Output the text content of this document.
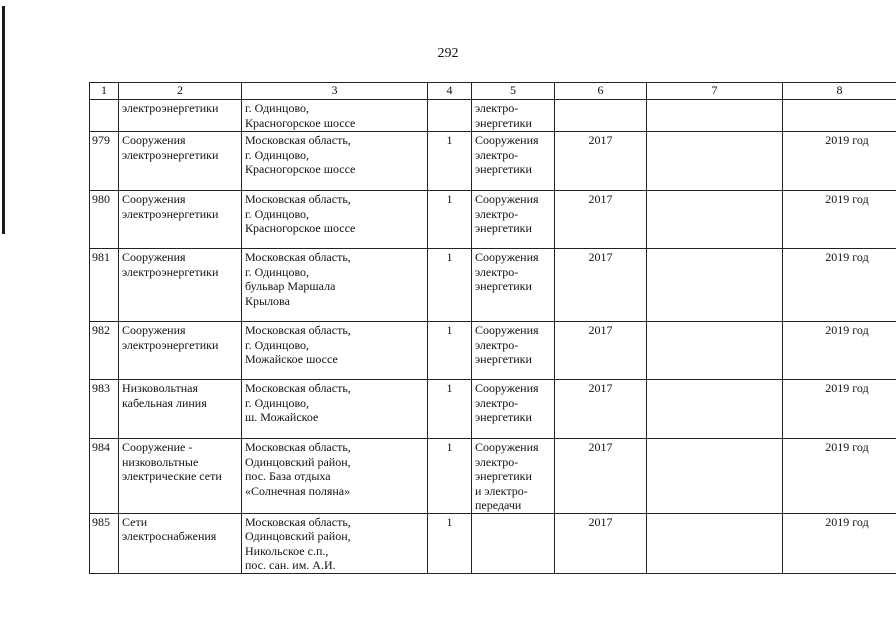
292
1	2	3	4	5	6	7	8
	электроэнергетики	г. Одинцово,
Красногорское шоссе		электро-
энергетики			
979	Сооружения
электроэнергетики	Московская область,
г. Одинцово,
Красногорское шоссе	1	Сооружения
электро-
энергетики	2017		2019 год
980	Сооружения
электроэнергетики	Московская область,
г. Одинцово,
Красногорское шоссе	1	Сооружения
электро-
энергетики	2017		2019 год
981	Сооружения
электроэнергетики	Московская область,
г. Одинцово,
бульвар Маршала
Крылова	1	Сооружения
электро-
энергетики	2017		2019 год
982	Сооружения
электроэнергетики	Московская область,
г. Одинцово,
Можайское шоссе	1	Сооружения
электро-
энергетики	2017		2019 год
983	Низковольтная
кабельная линия	Московская область,
г. Одинцово,
ш. Можайское	1	Сооружения
электро-
энергетики	2017		2019 год
984	Сооружение -
низковольтные
электрические сети	Московская область,
Одинцовский район,
пос. База отдыха
«Солнечная поляна»	1	Сооружения
электро-
энергетики
и электро-
передачи	2017		2019 год
985	Сети
электроснабжения	Московская область,
Одинцовский район,
Никольское с.п.,
пос. сан. им. А.И.	1		2017		2019 год
